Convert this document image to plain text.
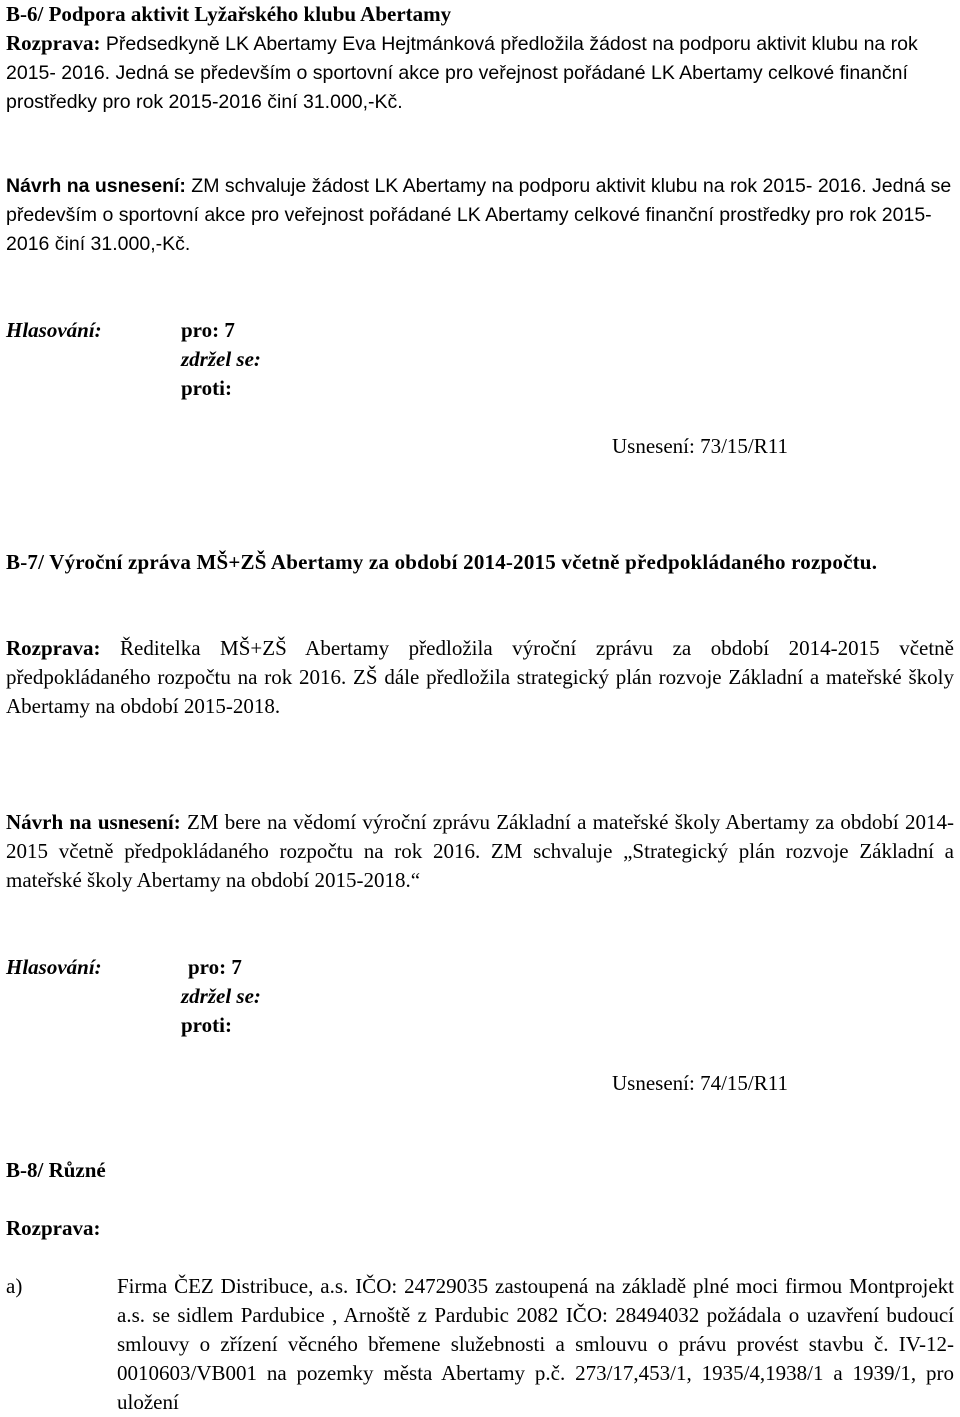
B-6/ Podpora aktivit Lyžařského klubu Abertamy

Rozprava: Předsedkyně LK Abertamy Eva Hejtmánková předložila žádost na podporu aktivit klubu na rok 2015- 2016. Jedná se především o sportovní akce pro veřejnost pořádané LK Abertamy celkové finanční prostředky pro rok 2015-2016 činí 31.000,-Kč.

Návrh na usnesení: ZM schvaluje žádost LK Abertamy na podporu aktivit klubu na rok 2015- 2016. Jedná se především o sportovní akce pro veřejnost pořádané LK Abertamy celkové finanční prostředky pro rok 2015-2016 činí 31.000,-Kč.

Hlasování:	pro: 7
zdržel se:
proti:
Usnesení: 73/15/R11

B-7/ Výroční zpráva MŠ+ZŠ Abertamy za období 2014-2015 včetně předpokládaného rozpočtu.

Rozprava: Ředitelka MŠ+ZŠ Abertamy předložila výroční zprávu za období 2014-2015 včetně předpokládaného rozpočtu na rok 2016. ZŠ dále předložila strategický plán rozvoje Základní a mateřské školy Abertamy na období 2015-2018.

Návrh na usnesení: ZM bere na vědomí výroční zprávu Základní a mateřské školy Abertamy za období 2014-2015 včetně předpokládaného rozpočtu na rok 2016. ZM schvaluje „Strategický plán rozvoje Základní a mateřské školy Abertamy na období 2015-2018.“

Hlasování:	pro: 7
zdržel se:
proti:
Usnesení: 74/15/R11
B-8/ Různé
Rozprava:
a)	Firma ČEZ Distribuce, a.s. IČO: 24729035 zastoupená na základě plné moci firmou Montprojekt a.s. se sidlem Pardubice , Arnoště z Pardubic 2082 IČO: 28494032 požádala o uzavření budoucí smlouvy o zřízení věcného břemene služebnosti a smlouvu o právu provést stavbu č. IV-12-0010603/VB001 na pozemky města Abertamy p.č. 273/17,453/1, 1935/4,1938/1 a 1939/1, pro uložení
